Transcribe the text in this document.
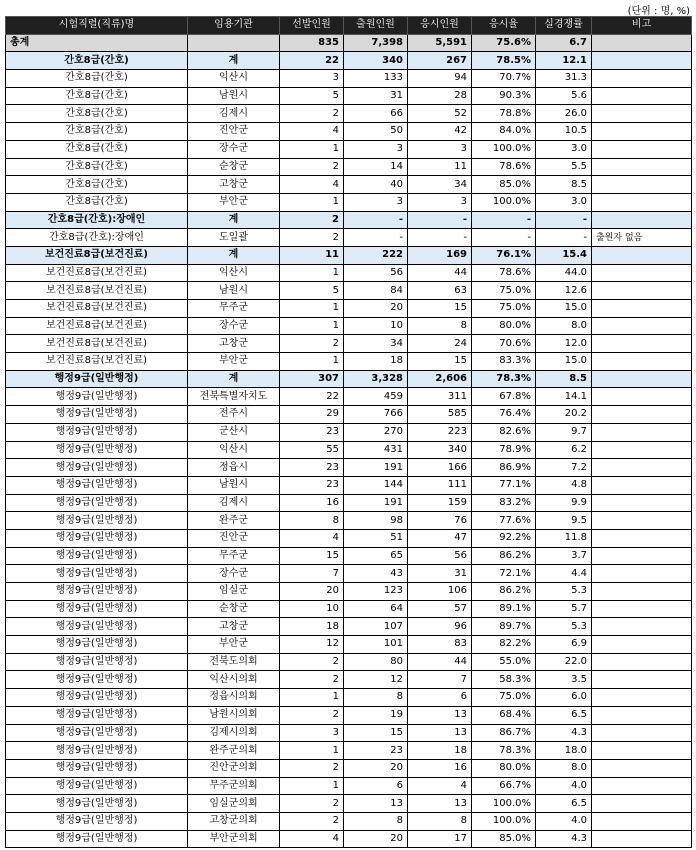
(단위 : 명, %)
시험직렬(직류)명	임용기관	선발인원	출원인원	응시인원	응시율	실경쟁률	비고
총계		835	7,398	5,591	75.6%	6.7	
간호8급(간호)	계	22	340	267	78.5%	12.1	
간호8급(간호)	익산시	3	133	94	70.7%	31.3	
간호8급(간호)	남원시	5	31	28	90.3%	5.6	
간호8급(간호)	김제시	2	66	52	78.8%	26.0	
간호8급(간호)	진안군	4	50	42	84.0%	10.5	
간호8급(간호)	장수군	1	3	3	100.0%	3.0	
간호8급(간호)	순창군	2	14	11	78.6%	5.5	
간호8급(간호)	고창군	4	40	34	85.0%	8.5	
간호8급(간호)	부안군	1	3	3	100.0%	3.0	
간호8급(간호):장애인	계	2	-	-	-	-	
간호8급(간호):장애인	도일괄	2	-	-	-	-	출원자 없음
보건진료8급(보건진료)	계	11	222	169	76.1%	15.4	
보건진료8급(보건진료)	익산시	1	56	44	78.6%	44.0	
보건진료8급(보건진료)	남원시	5	84	63	75.0%	12.6	
보건진료8급(보건진료)	무주군	1	20	15	75.0%	15.0	
보건진료8급(보건진료)	장수군	1	10	8	80.0%	8.0	
보건진료8급(보건진료)	고창군	2	34	24	70.6%	12.0	
보건진료8급(보건진료)	부안군	1	18	15	83.3%	15.0	
행정9급(일반행정)	계	307	3,328	2,606	78.3%	8.5	
행정9급(일반행정)	전북특별자치도	22	459	311	67.8%	14.1	
행정9급(일반행정)	전주시	29	766	585	76.4%	20.2	
행정9급(일반행정)	군산시	23	270	223	82.6%	9.7	
행정9급(일반행정)	익산시	55	431	340	78.9%	6.2	
행정9급(일반행정)	정읍시	23	191	166	86.9%	7.2	
행정9급(일반행정)	남원시	23	144	111	77.1%	4.8	
행정9급(일반행정)	김제시	16	191	159	83.2%	9.9	
행정9급(일반행정)	완주군	8	98	76	77.6%	9.5	
행정9급(일반행정)	진안군	4	51	47	92.2%	11.8	
행정9급(일반행정)	무주군	15	65	56	86.2%	3.7	
행정9급(일반행정)	장수군	7	43	31	72.1%	4.4	
행정9급(일반행정)	임실군	20	123	106	86.2%	5.3	
행정9급(일반행정)	순창군	10	64	57	89.1%	5.7	
행정9급(일반행정)	고창군	18	107	96	89.7%	5.3	
행정9급(일반행정)	부안군	12	101	83	82.2%	6.9	
행정9급(일반행정)	전북도의회	2	80	44	55.0%	22.0	
행정9급(일반행정)	익산시의회	2	12	7	58.3%	3.5	
행정9급(일반행정)	정읍시의회	1	8	6	75.0%	6.0	
행정9급(일반행정)	남원시의회	2	19	13	68.4%	6.5	
행정9급(일반행정)	김제시의회	3	15	13	86.7%	4.3	
행정9급(일반행정)	완주군의회	1	23	18	78.3%	18.0	
행정9급(일반행정)	진안군의회	2	20	16	80.0%	8.0	
행정9급(일반행정)	무주군의회	1	6	4	66.7%	4.0	
행정9급(일반행정)	임실군의회	2	13	13	100.0%	6.5	
행정9급(일반행정)	고창군의회	2	8	8	100.0%	4.0	
행정9급(일반행정)	부안군의회	4	20	17	85.0%	4.3	
